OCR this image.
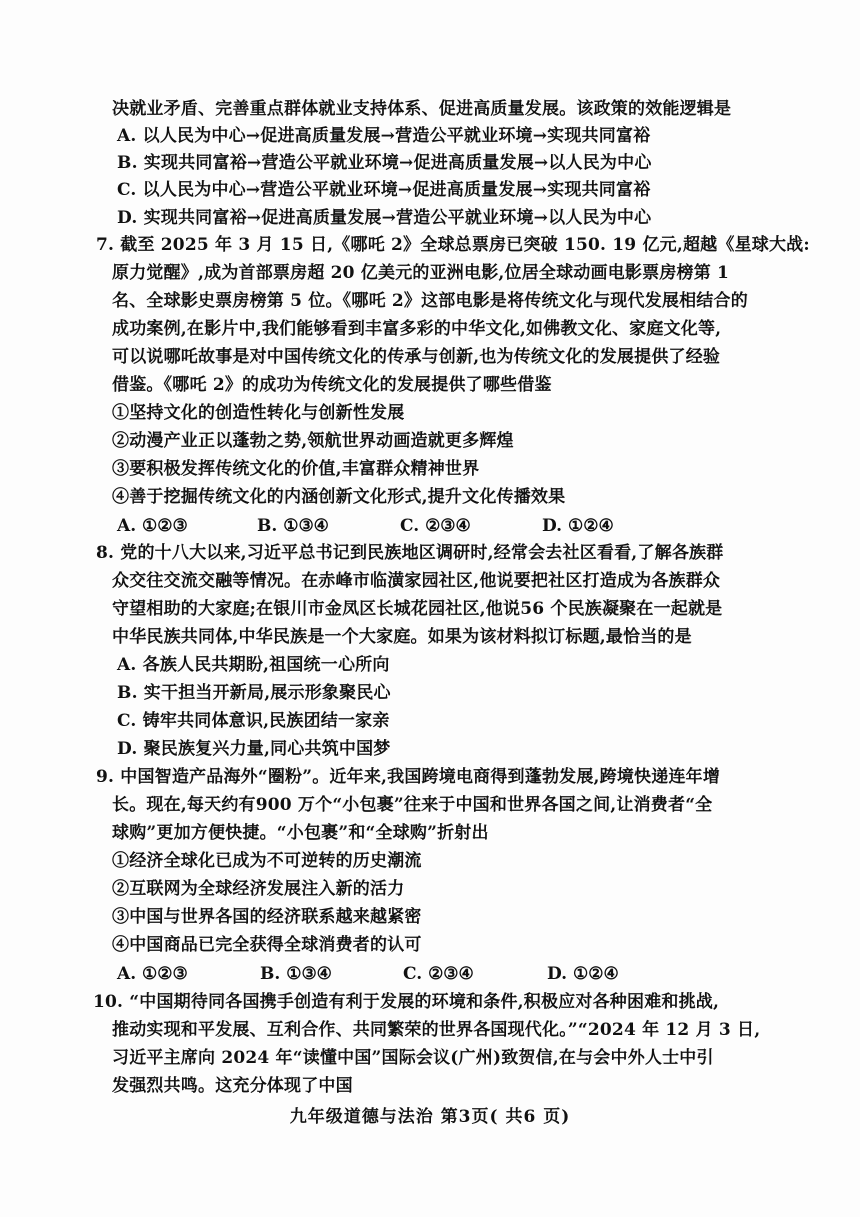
决就业矛盾、完善重点群体就业支持体系、促进高质量发展。该政策的效能逻辑是
A. 以人民为中心→促进高质量发展→营造公平就业环境→实现共同富裕
B. 实现共同富裕→营造公平就业环境→促进高质量发展→以人民为中心
C. 以人民为中心→营造公平就业环境→促进高质量发展→实现共同富裕
D. 实现共同富裕→促进高质量发展→营造公平就业环境→以人民为中心
7. 截至 2025 年 3 月 15 日,《哪吒 2》全球总票房已突破 150. 19 亿元,超越《星球大战:
原力觉醒》,成为首部票房超 20 亿美元的亚洲电影,位居全球动画电影票房榜第 1
名、全球影史票房榜第 5 位。《哪吒 2》这部电影是将传统文化与现代发展相结合的
成功案例,在影片中,我们能够看到丰富多彩的中华文化,如佛教文化、家庭文化等,
可以说哪吒故事是对中国传统文化的传承与创新,也为传统文化的发展提供了经验
借鉴。《哪吒 2》的成功为传统文化的发展提供了哪些借鉴
①坚持文化的创造性转化与创新性发展
②动漫产业正以蓬勃之势,领航世界动画造就更多辉煌
③要积极发挥传统文化的价值,丰富群众精神世界
④善于挖掘传统文化的内涵创新文化形式,提升文化传播效果
A. ①②③	B. ①③④	C. ②③④	D. ①②④
8. 党的十八大以来,习近平总书记到民族地区调研时,经常会去社区看看,了解各族群
众交往交流交融等情况。在赤峰市临潢家园社区,他说要把社区打造成为各族群众
守望相助的大家庭;在银川市金凤区长城花园社区,他说56 个民族凝聚在一起就是
中华民族共同体,中华民族是一个大家庭。如果为该材料拟订标题,最恰当的是
A. 各族人民共期盼,祖国统一心所向
B. 实干担当开新局,展示形象聚民心
C. 铸牢共同体意识,民族团结一家亲
D. 聚民族复兴力量,同心共筑中国梦
9. 中国智造产品海外“圈粉”。近年来,我国跨境电商得到蓬勃发展,跨境快递连年增
长。现在,每天约有900 万个“小包裹”往来于中国和世界各国之间,让消费者“全
球购”更加方便快捷。“小包裹”和“全球购”折射出
①经济全球化已成为不可逆转的历史潮流
②互联网为全球经济发展注入新的活力
③中国与世界各国的经济联系越来越紧密
④中国商品已完全获得全球消费者的认可
A. ①②③	B. ①③④	C. ②③④	D. ①②④
10. “中国期待同各国携手创造有利于发展的环境和条件,积极应对各种困难和挑战,
推动实现和平发展、互利合作、共同繁荣的世界各国现代化。”“2024 年 12 月 3 日,
习近平主席向 2024 年“读懂中国”国际会议(广州)致贺信,在与会中外人士中引
发强烈共鸣。这充分体现了中国
九年级道德与法治 第3页( 共6 页)
